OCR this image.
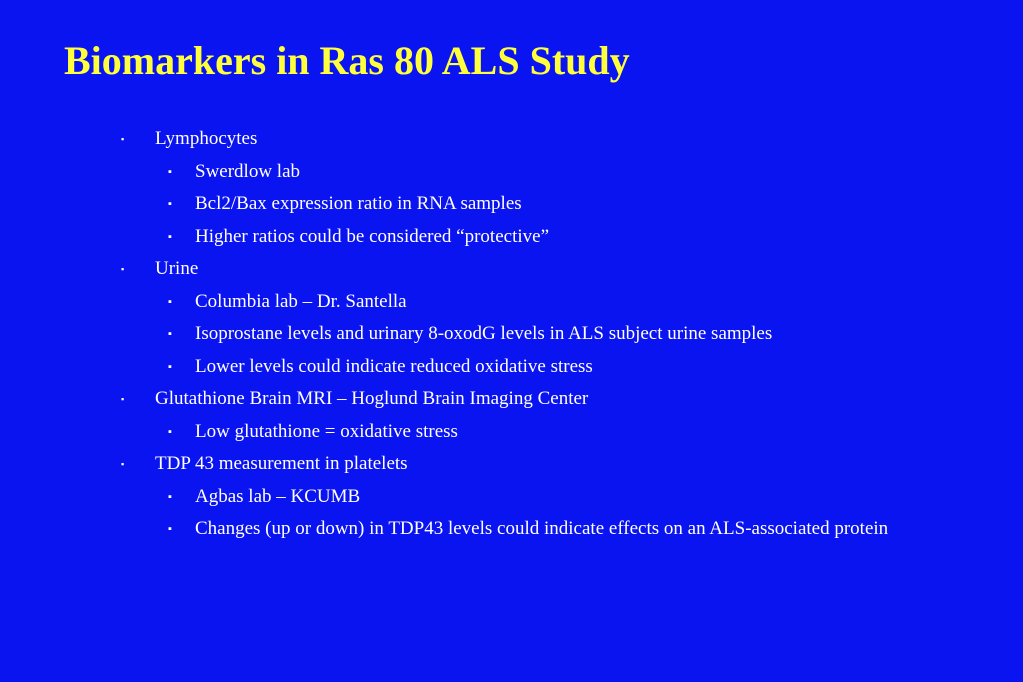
Biomarkers in Ras 80 ALS Study
▪ Lymphocytes
▪ Swerdlow lab
▪ Bcl2/Bax expression ratio in RNA samples
▪ Higher ratios could be considered “protective”
▪ Urine
▪ Columbia lab – Dr. Santella
▪ Isoprostane levels and urinary 8-oxodG levels in ALS subject urine samples
▪ Lower levels could indicate reduced oxidative stress
▪ Glutathione Brain MRI – Hoglund Brain Imaging Center
▪ Low glutathione = oxidative stress
▪ TDP 43 measurement in platelets
▪ Agbas lab – KCUMB
▪ Changes (up or down) in TDP43 levels could indicate effects on an ALS-associated protein
